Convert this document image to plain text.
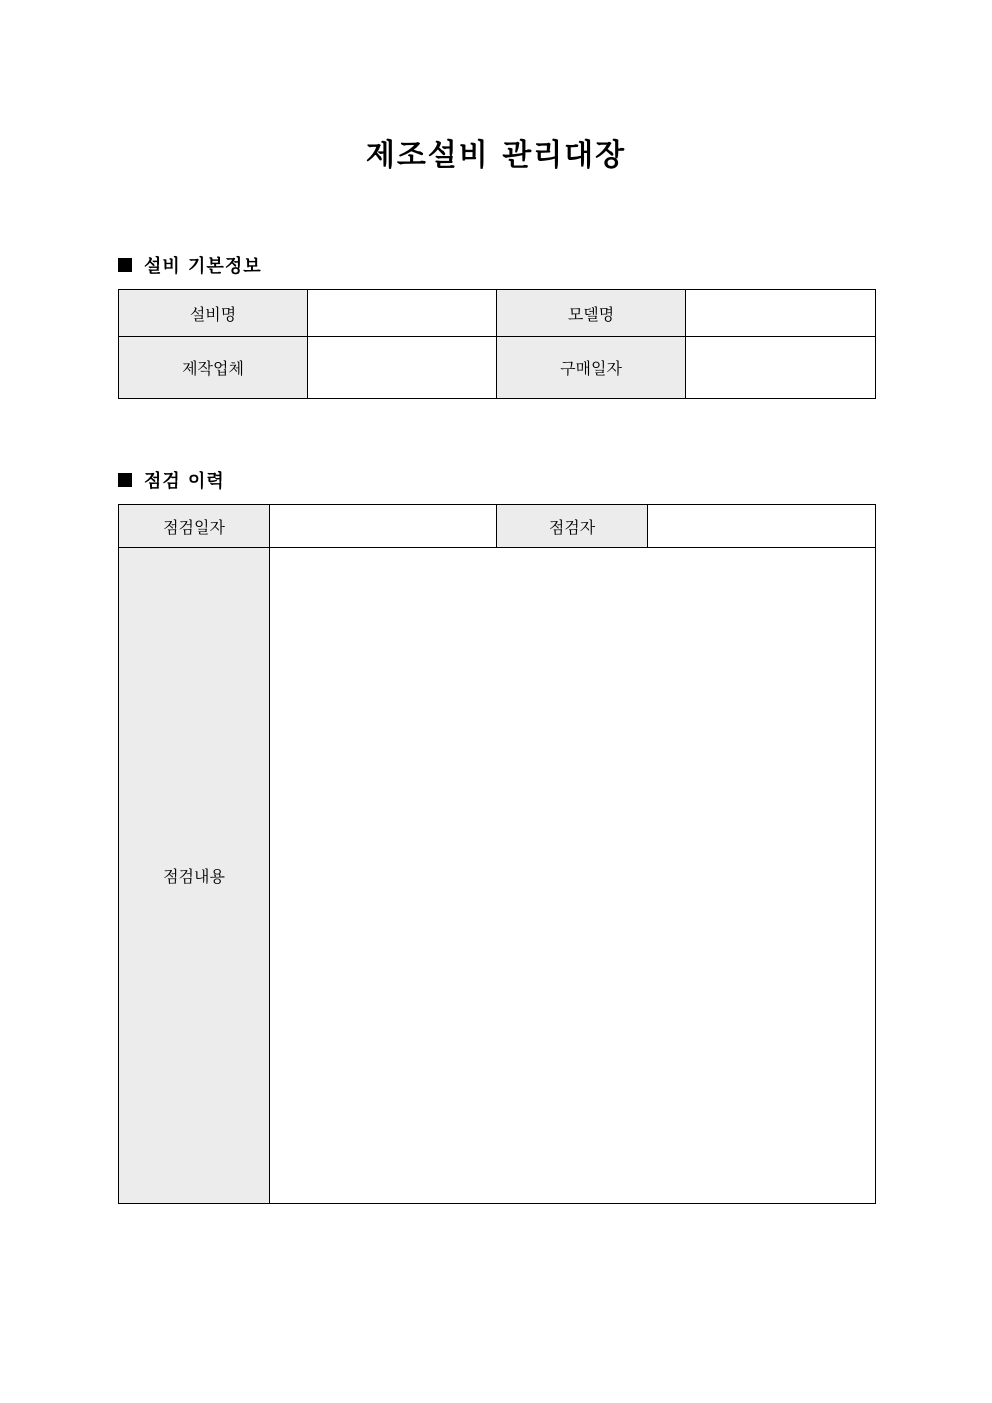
제조설비 관리대장
설비 기본정보
설비명		모델명	
제작업체		구매일자	
점검 이력
점검일자		점검자	
점검내용			
